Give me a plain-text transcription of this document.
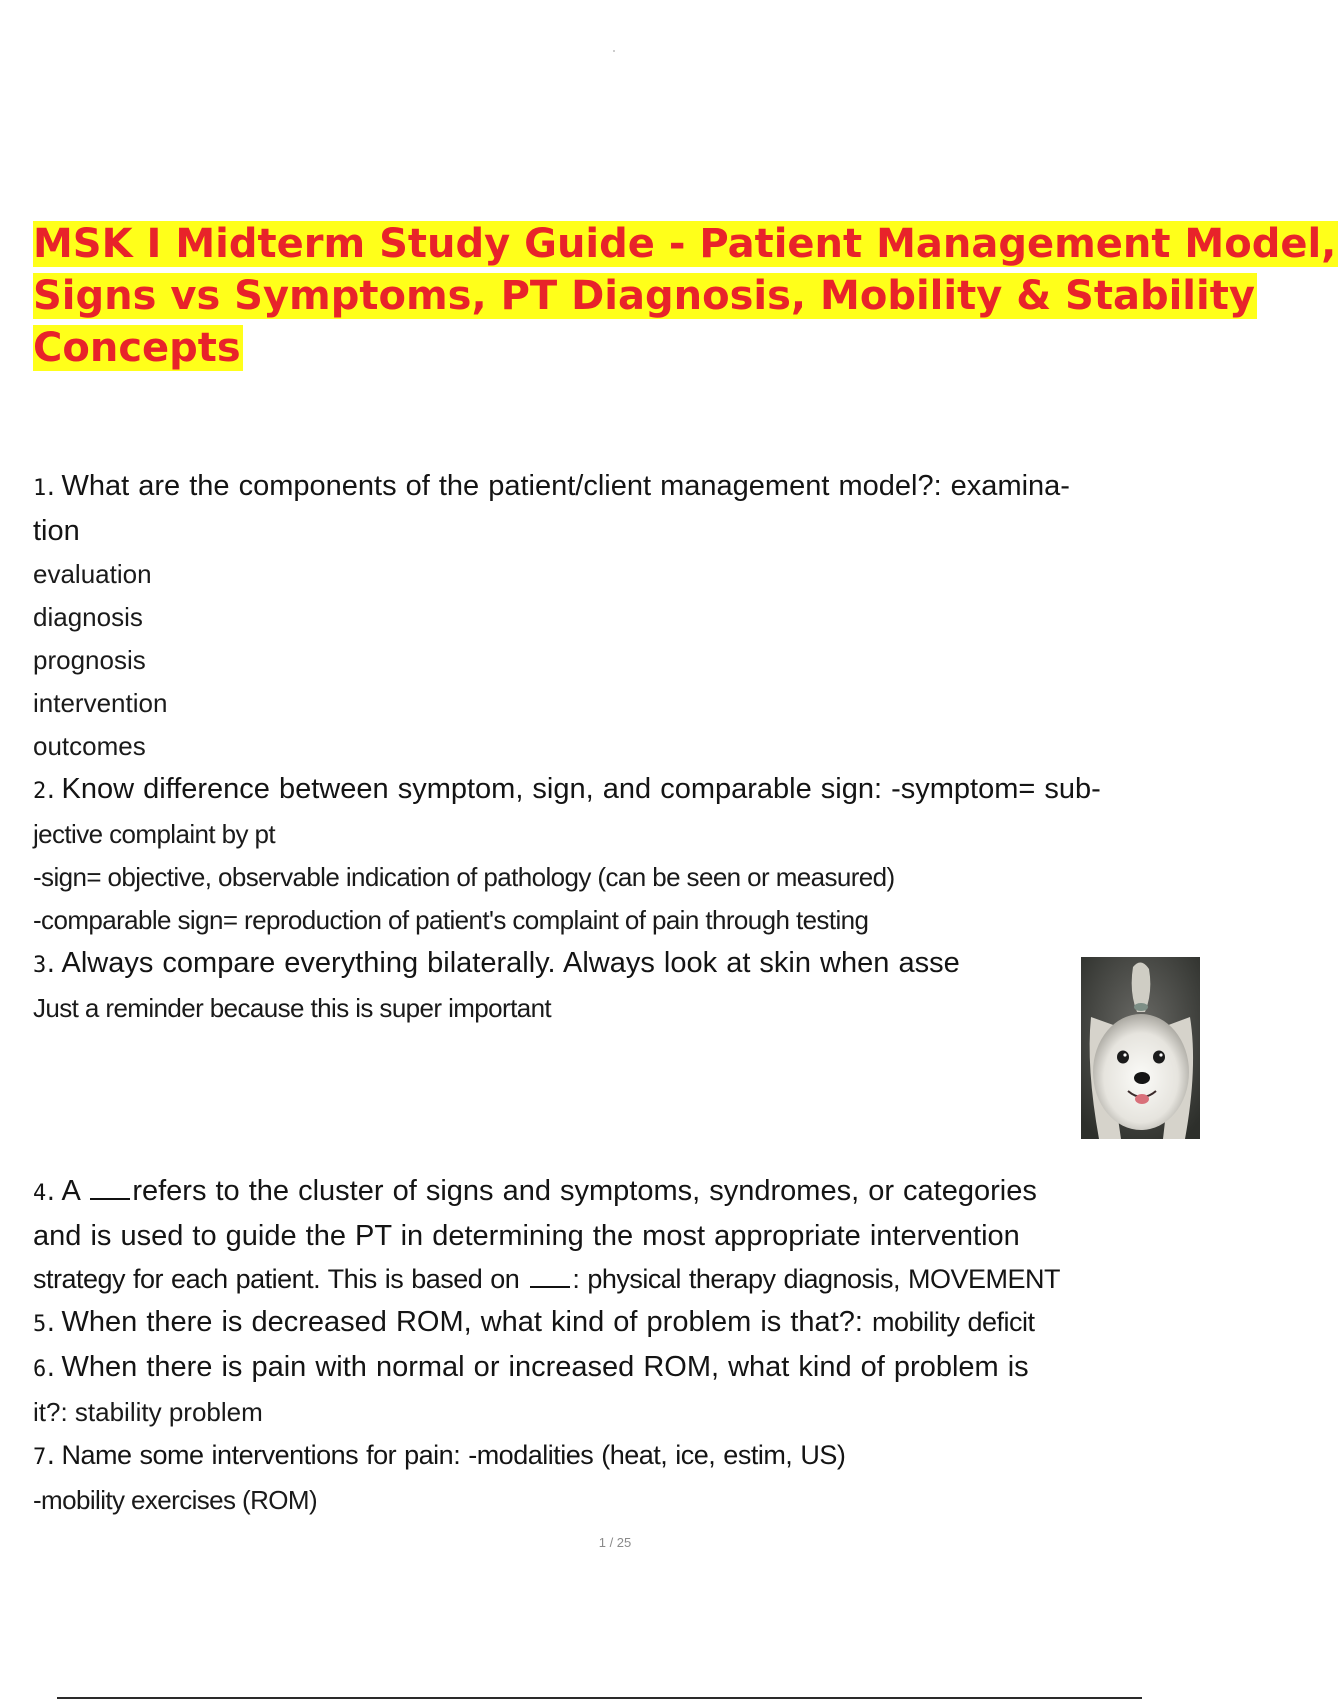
MSK I Midterm Study Guide - Patient Management Model,
Signs vs Symptoms, PT Diagnosis, Mobility & Stability
Concepts
1. What are the components of the patient/client management model?: examina-
tion
evaluation
diagnosis
prognosis
intervention
outcomes
2. Know difference between symptom, sign, and comparable sign: -symptom= sub-
jective complaint by pt
-sign= objective, observable indication of pathology (can be seen or measured)
-comparable sign= reproduction of patient's complaint of pain through testing
3. Always compare everything bilaterally. Always look at skin when asse
Just a reminder because this is super important
4. A refers to the cluster of signs and symptoms, syndromes, or categories
and is used to guide the PT in determining the most appropriate intervention
strategy for each patient. This is based on : physical therapy diagnosis, MOVEMENT
5. When there is decreased ROM, what kind of problem is that?: mobility deficit
6. When there is pain with normal or increased ROM, what kind of problem is
it?: stability problem
7. Name some interventions for pain: -modalities (heat, ice, estim, US)
-mobility exercises (ROM)
1 / 25
